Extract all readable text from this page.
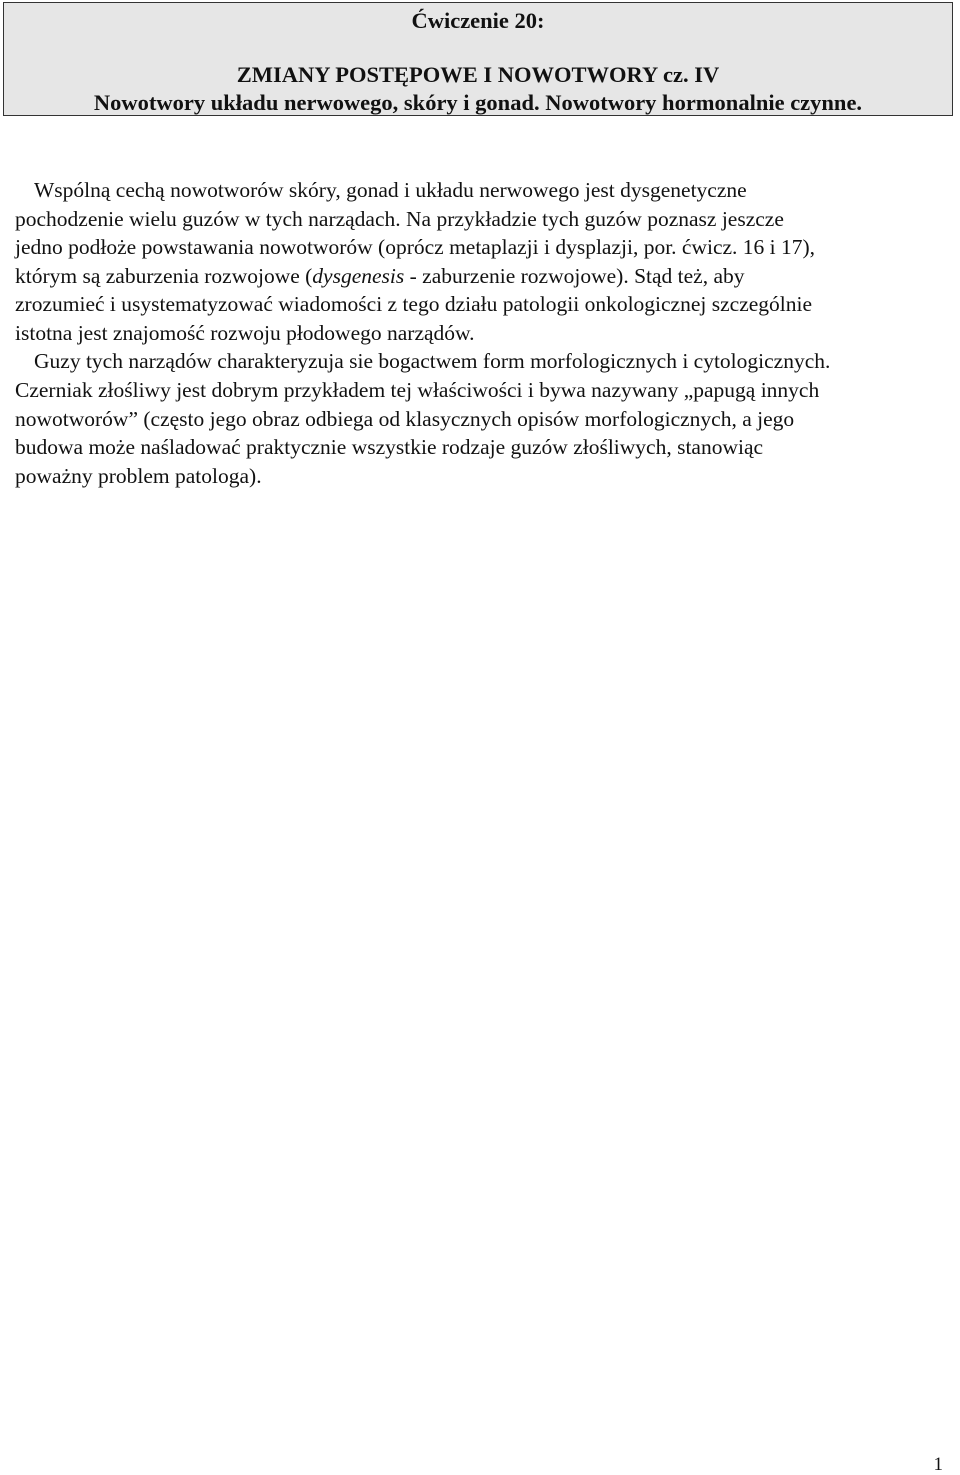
Ćwiczenie 20:
ZMIANY POSTĘPOWE I NOWOTWORY cz. IV
Nowotwory układu nerwowego, skóry i gonad. Nowotwory hormonalnie czynne.
Wspólną cechą nowotworów skóry, gonad i układu nerwowego jest dysgenetyczne
pochodzenie wielu guzów w tych narządach. Na przykładzie tych guzów poznasz jeszcze
jedno podłoże powstawania nowotworów (oprócz metaplazji i dysplazji, por. ćwicz. 16 i 17),
którym są zaburzenia rozwojowe (dysgenesis - zaburzenie rozwojowe). Stąd też, aby
zrozumieć i usystematyzować wiadomości z tego działu patologii onkologicznej szczególnie
istotna jest znajomość rozwoju płodowego narządów.
Guzy tych narządów charakteryzuja sie bogactwem form morfologicznych i cytologicznych.
Czerniak złośliwy jest dobrym przykładem tej właściwości i bywa nazywany „papugą innych
nowotworów” (często jego obraz odbiega od klasycznych opisów morfologicznych, a jego
budowa może naśladować praktycznie wszystkie rodzaje guzów złośliwych, stanowiąc
poważny problem patologa).
1
